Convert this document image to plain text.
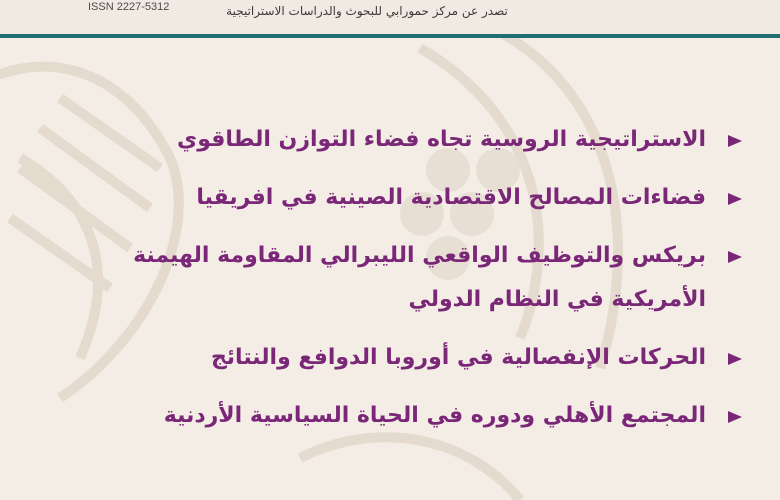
ISSN 2227-5312	تصدر عن مركز حمورابي للبحوث والدراسات الاستراتيجية
الاستراتيجية الروسية تجاه فضاء التوازن الطاقوي
فضاءات المصالح الاقتصادية الصينية في افريقيا
بريكس والتوظيف الواقعي الليبرالي المقاومة الهيمنة الأمريكية في النظام الدولي
الحركات الإنفصالية في أوروبا الدوافع والنتائج
المجتمع الأهلي ودوره في الحياة السياسية الأردنية
